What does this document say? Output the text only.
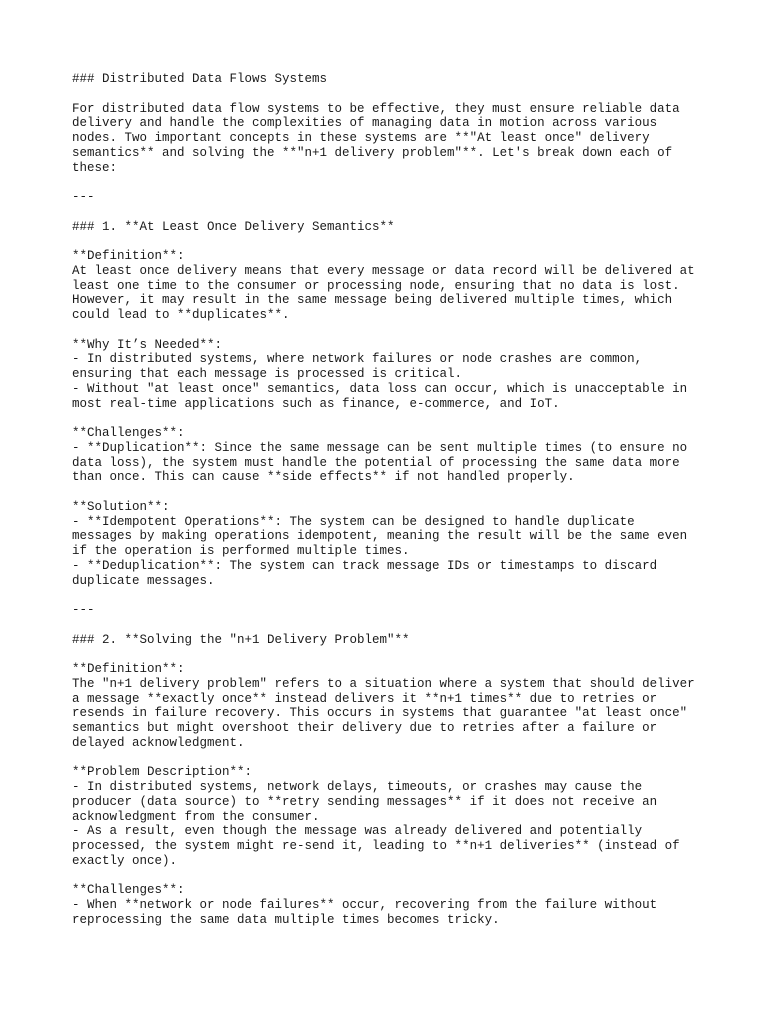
### Distributed Data Flows Systems
For distributed data flow systems to be effective, they must ensure reliable data
delivery and handle the complexities of managing data in motion across various
nodes. Two important concepts in these systems are **"At least once" delivery
semantics** and solving the **"n+1 delivery problem"**. Let's break down each of
these:
---
### 1. **At Least Once Delivery Semantics**
**Definition**:
At least once delivery means that every message or data record will be delivered at
least one time to the consumer or processing node, ensuring that no data is lost.
However, it may result in the same message being delivered multiple times, which
could lead to **duplicates**.
**Why It’s Needed**:
- In distributed systems, where network failures or node crashes are common,
ensuring that each message is processed is critical.
- Without "at least once" semantics, data loss can occur, which is unacceptable in
most real-time applications such as finance, e-commerce, and IoT.
**Challenges**:
- **Duplication**: Since the same message can be sent multiple times (to ensure no
data loss), the system must handle the potential of processing the same data more
than once. This can cause **side effects** if not handled properly.
**Solution**:
- **Idempotent Operations**: The system can be designed to handle duplicate
messages by making operations idempotent, meaning the result will be the same even
if the operation is performed multiple times.
- **Deduplication**: The system can track message IDs or timestamps to discard
duplicate messages.
---
### 2. **Solving the "n+1 Delivery Problem"**
**Definition**:
The "n+1 delivery problem" refers to a situation where a system that should deliver
a message **exactly once** instead delivers it **n+1 times** due to retries or
resends in failure recovery. This occurs in systems that guarantee "at least once"
semantics but might overshoot their delivery due to retries after a failure or
delayed acknowledgment.
**Problem Description**:
- In distributed systems, network delays, timeouts, or crashes may cause the
producer (data source) to **retry sending messages** if it does not receive an
acknowledgment from the consumer.
- As a result, even though the message was already delivered and potentially
processed, the system might re-send it, leading to **n+1 deliveries** (instead of
exactly once).
**Challenges**:
- When **network or node failures** occur, recovering from the failure without
reprocessing the same data multiple times becomes tricky.
